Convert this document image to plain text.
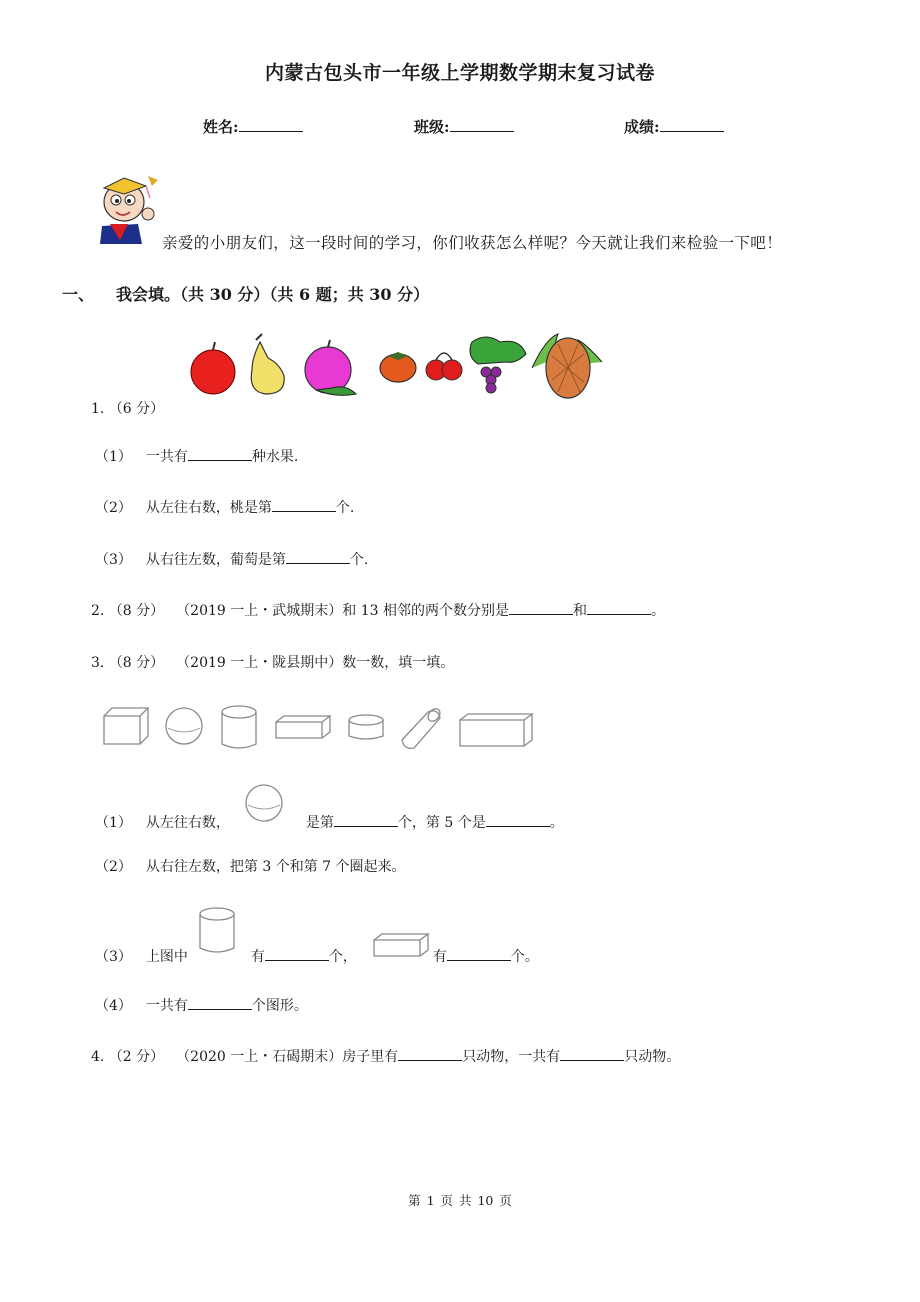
内蒙古包头市一年级上学期数学期末复习试卷
姓名:	班级:	成绩:
亲爱的小朋友们，这一段时间的学习，你们收获怎么样呢？今天就让我们来检验一下吧！
一、 我会填。（共 30 分）（共 6 题；共 30 分）
1. （6 分）
（1） 一共有	种水果.
（2） 从左往右数，桃是第	个.
（3） 从右往左数，葡萄是第	个.
2. （8 分） （2019 一上・武城期末）和 13 相邻的两个数分别是	和	。
3. （8 分） （2019 一上・陇县期中）数一数，填一填。
（1） 从左往右数，	是第	个，第 5 个是	。
（2） 从右往左数，把第 3 个和第 7 个圈起来。
（3） 上图中	有	个，	有	个。
（4） 一共有	个图形。
4. （2 分） （2020 一上・石碣期末）房子里有	只动物，一共有	只动物。
第 1 页 共 10 页
